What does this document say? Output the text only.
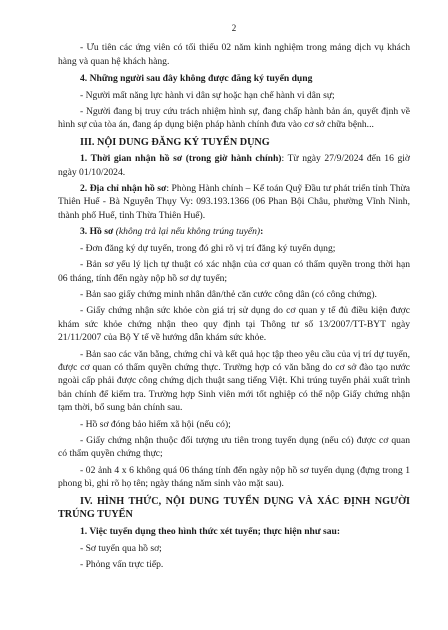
2

- Ưu tiên các ứng viên có tối thiểu 02 năm kinh nghiệm trong mảng dịch vụ khách hàng và quan hệ khách hàng.

4. Những người sau đây không được đăng ký tuyển dụng

- Người mất năng lực hành vi dân sự hoặc hạn chế hành vi dân sự;

- Người đang bị truy cứu trách nhiệm hình sự, đang chấp hành bản án, quyết định về hình sự của tòa án, đang áp dụng biện pháp hành chính đưa vào cơ sở chữa bệnh...

III. NỘI DUNG ĐĂNG KÝ TUYỂN DỤNG

1. Thời gian nhận hồ sơ (trong giờ hành chính): Từ ngày 27/9/2024 đến 16 giờ ngày 01/10/2024.

2. Địa chỉ nhận hồ sơ: Phòng Hành chính – Kế toán Quỹ Đầu tư phát triển tỉnh Thừa Thiên Huế - Bà Nguyễn Thụy Vy: 093.193.1366 (06 Phan Bội Châu, phường Vĩnh Ninh, thành phố Huế, tỉnh Thừa Thiên Huế).

3. Hồ sơ (không trả lại nếu không trúng tuyển):

- Đơn đăng ký dự tuyển, trong đó ghi rõ vị trí đăng ký tuyển dụng;

- Bản sơ yếu lý lịch tự thuật có xác nhận của cơ quan có thẩm quyền trong thời hạn 06 tháng, tính đến ngày nộp hồ sơ dự tuyển;

- Bản sao giấy chứng minh nhân dân/thẻ căn cước công dân (có công chứng).

- Giấy chứng nhận sức khỏe còn giá trị sử dụng do cơ quan y tế đủ điều kiện được khám sức khỏe chứng nhận theo quy định tại Thông tư số 13/2007/TT-BYT ngày 21/11/2007 của Bộ Y tế về hướng dẫn khám sức khỏe.

- Bản sao các văn bằng, chứng chỉ và kết quả học tập theo yêu cầu của vị trí dự tuyển, được cơ quan có thẩm quyền chứng thực. Trường hợp có văn bằng do cơ sở đào tạo nước ngoài cấp phải được công chứng dịch thuật sang tiếng Việt. Khi trúng tuyển phải xuất trình bản chính để kiểm tra. Trường hợp Sinh viên mới tốt nghiệp có thể nộp Giấy chứng nhận tạm thời, bổ sung bản chính sau.

- Hồ sơ đóng bảo hiểm xã hội (nếu có);

- Giấy chứng nhận thuộc đối tượng ưu tiên trong tuyển dụng (nếu có) được cơ quan có thẩm quyền chứng thực;

- 02 ảnh 4 x 6 không quá 06 tháng tính đến ngày nộp hồ sơ tuyển dụng (đựng trong 1 phong bì, ghi rõ họ tên; ngày tháng năm sinh vào mặt sau).

IV. HÌNH THỨC, NỘI DUNG TUYỂN DỤNG VÀ XÁC ĐỊNH NGƯỜI TRÚNG TUYỂN
1. Việc tuyển dụng theo hình thức xét tuyển; thực hiện như sau:

- Sơ tuyển qua hồ sơ;

- Phỏng vấn trực tiếp.
